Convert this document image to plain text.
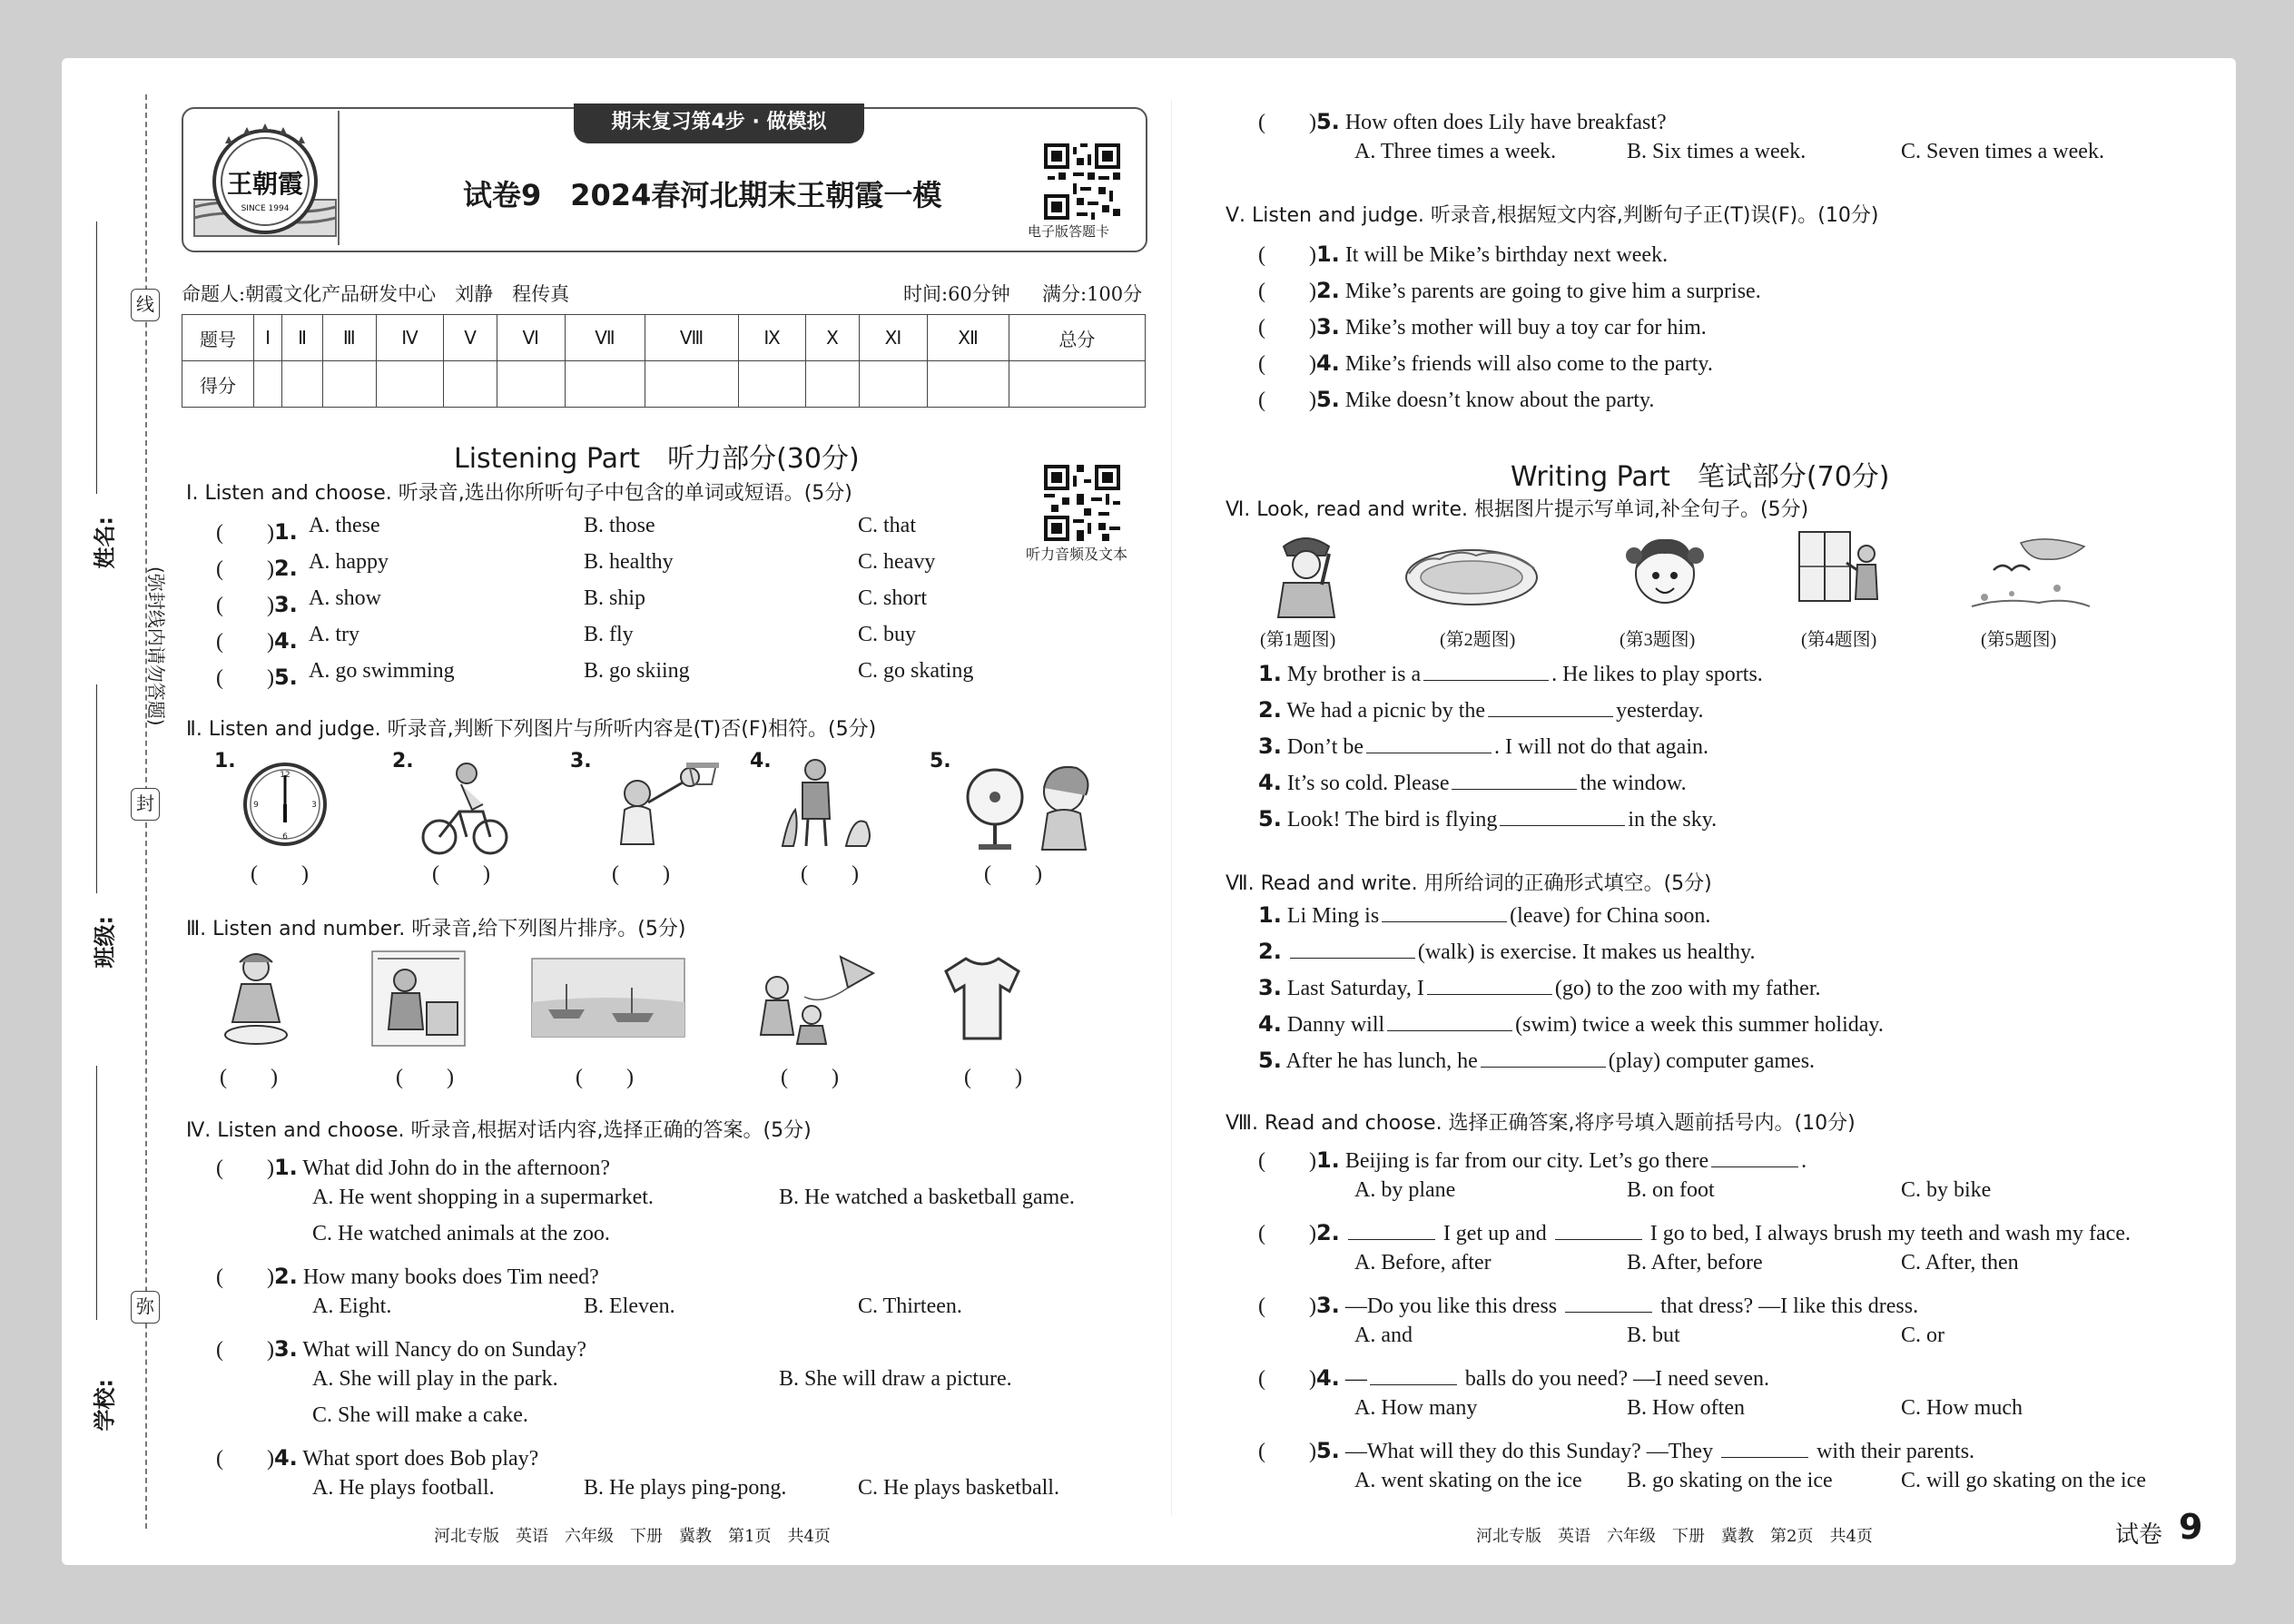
线
封
弥
(弥封线内请勿答题)
姓名:
班级:
学校:
期末复习第4步 · 做模拟
王朝霞
SINCE 1994	试卷9　2024春河北期末王朝霞一模
电子版答题卡
命题人:朝霞文化产品研发中心　刘静　程传真	时间:60分钟 满分:100分
题号	Ⅰ	Ⅱ	Ⅲ	Ⅳ	Ⅴ	Ⅵ	Ⅶ	Ⅷ	Ⅸ	Ⅹ	Ⅺ	Ⅻ	总分
得分													
Listening Part　听力部分(30分)
Ⅰ. Listen and choose. 听录音,选出你所听句子中包含的单词或短语。(5分)
听力音频及文本
(　　)1. A. these	B. those	C. that
(　　)2. A. happy	B. healthy	C. heavy
(　　)3. A. show	B. ship	C. short
(　　)4. A. try	B. fly	C. buy
(　　)5. A. go swimming	B. go skiing	C. go skating
Ⅱ. Listen and judge. 听录音,判断下列图片与所听内容是(T)否(F)相符。(5分)
1.
12
3
6
9
2.	3.	4.	5.
(　　)	(　　)	(　　)	(　　)	(　　)
Ⅲ. Listen and number. 听录音,给下列图片排序。(5分)
(　　)	(　　)	(　　)	(　　)	(　　)
Ⅳ. Listen and choose. 听录音,根据对话内容,选择正确的答案。(5分)
(　　)1. What did John do in the afternoon?
A. He went shopping in a supermarket.	B. He watched a basketball game.
C. He watched animals at the zoo.
(　　)2. How many books does Tim need?
A. Eight.	B. Eleven.	C. Thirteen.
(　　)3. What will Nancy do on Sunday?
A. She will play in the park.	B. She will draw a picture.
C. She will make a cake.
(　　)4. What sport does Bob play?
A. He plays football.	B. He plays ping-pong.	C. He plays basketball.
(　　)5. How often does Lily have breakfast?
A. Three times a week.	B. Six times a week.	C. Seven times a week.
Ⅴ. Listen and judge. 听录音,根据短文内容,判断句子正(T)误(F)。(10分)
(　　)1. It will be Mike’s birthday next week.
(　　)2. Mike’s parents are going to give him a surprise.
(　　)3. Mike’s mother will buy a toy car for him.
(　　)4. Mike’s friends will also come to the party.
(　　)5. Mike doesn’t know about the party.
Writing Part　笔试部分(70分)
Ⅵ. Look, read and write. 根据图片提示写单词,补全句子。(5分)
(第1题图)	(第2题图)	(第3题图)	(第4题图)	(第5题图)
1. My brother is a	. He likes to play sports.
2. We had a picnic by the	yesterday.
3. Don’t be	. I will not do that again.
4. It’s so cold. Please	the window.
5. Look! The bird is flying	in the sky.
Ⅶ. Read and write. 用所给词的正确形式填空。(5分)
1. Li Ming is	(leave) for China soon.
2.	(walk) is exercise. It makes us healthy.
3. Last Saturday, I	(go) to the zoo with my father.
4. Danny will	(swim) twice a week this summer holiday.
5. After he has lunch, he	(play) computer games.
Ⅷ. Read and choose. 选择正确答案,将序号填入题前括号内。(10分)
(　　)1. Beijing is far from our city. Let’s go there	.
A. by plane	B. on foot	C. by bike
(　　)2.	I get up and	I go to bed, I always brush my teeth and wash my face.
A. Before, after	B. After, before	C. After, then
(　　)3. —Do you like this dress	that dress? —I like this dress.
A. and	B. but	C. or
(　　)4. —	balls do you need? —I need seven.
A. How many	B. How often	C. How much
(　　)5. —What will they do this Sunday? —They	with their parents.
A. went skating on the ice B. go skating on the ice	C. will go skating on the ice
河北专版　英语　六年级　下册　冀教　第1页　共4页	河北专版　英语　六年级　下册　冀教　第2页　共4页	试卷 9
